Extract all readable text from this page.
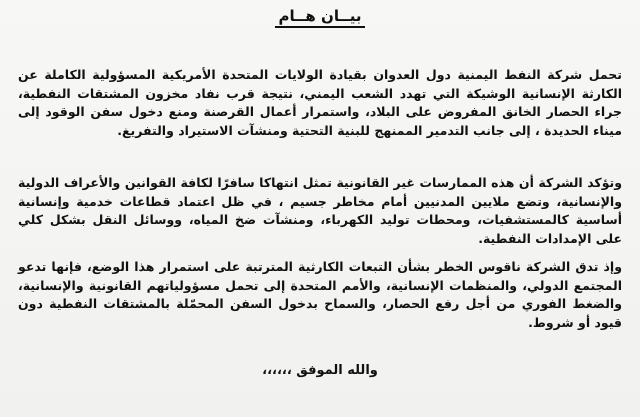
بيــان هــام

تحمل شركة النفط اليمنية دول العدوان بقيادة الولايات المتحدة الأمريكية المسؤولية الكاملة عن الكارثة الإنسانية الوشيكة التي تهدد الشعب اليمني، نتيجة قرب نفاد مخزون المشتقات النفطية، جراء الحصار الخانق المفروض على البلاد، واستمرار أعمال القرصنة ومنع دخول سفن الوقود إلى ميناء الحديدة ، إلى جانب التدمير الممنهج للبنية التحتية ومنشآت الاستيراد والتفريغ.

وتؤكد الشركة أن هذه الممارسات غير القانونية تمثل انتهاكا سافرًا لكافة القوانين والأعراف الدولية والإنسانية، وتضع ملايين المدنيين أمام مخاطر جسيم ، في ظل اعتماد قطاعات خدمية وإنسانية أساسية كالمستشفيات، ومحطات توليد الكهرباء، ومنشآت ضخ المياه، ووسائل النقل بشكل كلي على الإمدادات النفطية.

وإذ تدق الشركة ناقوس الخطر بشأن التبعات الكارثية المترتبة على استمرار هذا الوضع، فإنها تدعو المجتمع الدولي، والمنظمات الإنسانية، والأمم المتحدة إلى تحمل مسؤولياتهم القانونية والإنسانية، والضغط الفوري من أجل رفع الحصار، والسماح بدخول السفن المحمّلة بالمشتقات النفطية دون قيود أو شروط.

والله الموفق ،،،،،،
